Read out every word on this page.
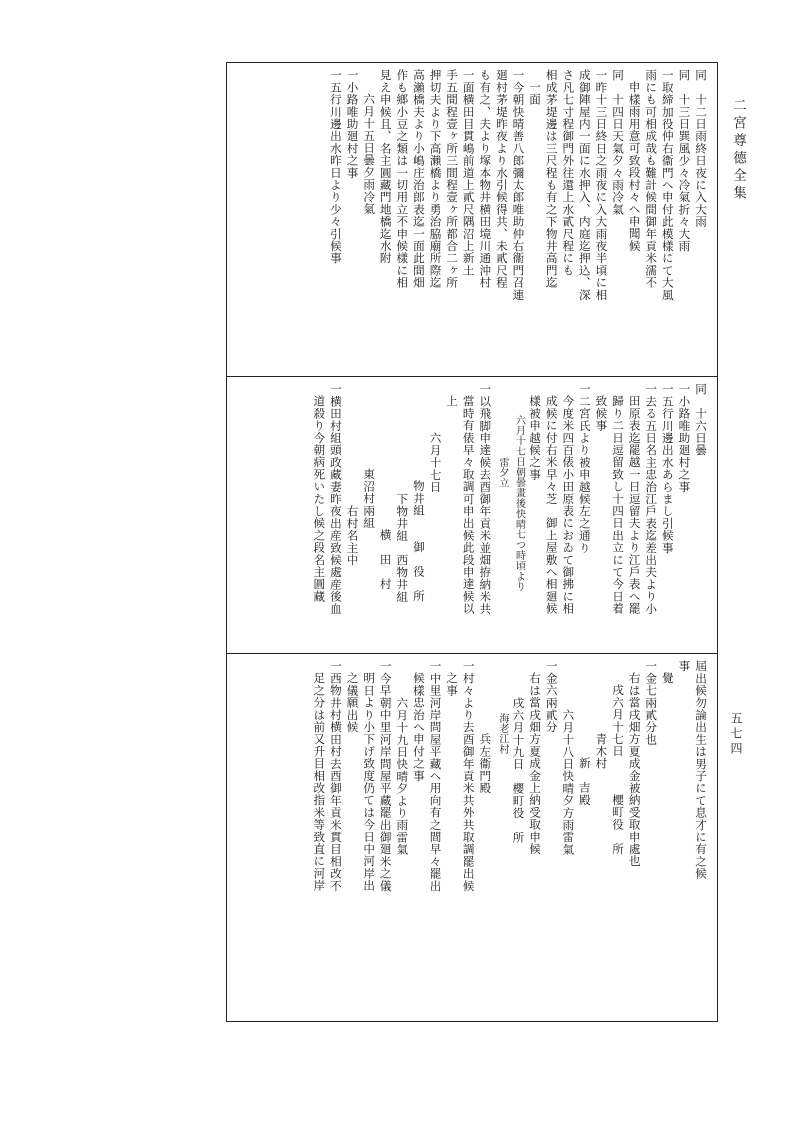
二宮尊德全集
五七四
同　十二日雨終日夜に入大雨
同　十三日巽風少々冷氣折々大雨
一取締加役仲右衞門へ申付此模樣にて大風
雨にも可相成哉も難計候間御年貢米濡不
申樣雨用意可致段村々へ申聞候
同　十四日天氣夕々雨冷氣
一昨十三日終日之雨夜に入大雨夜半頃に相
成御陣屋内一面に水押入、内庭迄押込、深
さ凡七寸程御門外往還上水貳尺程にも
相成茅堤邊は三尺程も有之下物井高門迄
一面
一今朝快晴善八郎彌太郎唯助仲右衞門召連
廻村茅堤昨夜より水引候得共、未貳尺程
も有之、夫より塚本物井横田境川通沖村
一面横田目貫嶋前道上貳尺隅沼上新土
手五間程壹ヶ所三間程壹ヶ所都合二ヶ所
押切夫より下高瀨橋より勇治脇廟所際迄
高瀨橋夫より小嶋庄治郎表迄一面此間畑
作も鄉小豆之類は一切用立不申候樣に相
見え申候且、名主圓藏門地橋迄水附
六月十五日曇夕雨冷氣
一小路唯助廻村之事
一五行川邊出水昨日より少々引候事
同　十六日曇
一小路唯助廻村之事
一五行川邊出水あらまし引候事
一去る五日名主忠治江戶表迄差出夫より小
田原表迄罷越一日逗留夫より江戶表へ罷
歸り二日逗留致し十四日出立にて今日着
致候事
一二宮氏より被申越候左之通り
今度米四百俵小田原表におゐて御拂に相
成候に付右米早々芝　御上屋敷へ相廻候
樣被申越候之事
六月十七日朝曇畫後快晴七つ時頃より
雷夕立
一以飛脚申達候去酉御年貢米並畑拵納米共
當時有俵早々取調可申出候此段申達候以
上
六月十七日
物井組　　御　役　所
下物井組　西物井組
横　田　村
東沼村兩組
右村名主中
一横田村組頭政藏妻昨夜出産致候處産後血
道殺り今朝病死いたし候之段名主圓藏
屆出候勿論出生は男子にて息才に有之候
事
覺
一金七兩貳分也
右は當戌畑方夏成金被納受取申處也
戌六月十七日　　　櫻町役　所
青木村
新　吉殿
六月十八日快晴夕方雨雷氣
一金六兩貳分
右は當戌畑方夏成金上納受取申候
戌六月十九日　櫻町役　所
海老江村
兵左衞門殿
一村々より去酉御年貢米共外共取調罷出候
之事
一中里河岸問屋平藏へ用向有之間早々罷出
候樣忠治へ申付之事
六月十九日快晴夕より雨雷氣
一今早朝中里河岸問屋平藏罷出御廻米之儀
明日より小下げ致度仍ては今日中河岸出
之儀願出候
一西物井村横田村去酉御年貢米貫目相改不
足之分は前又升目相改指米等致直に河岸
